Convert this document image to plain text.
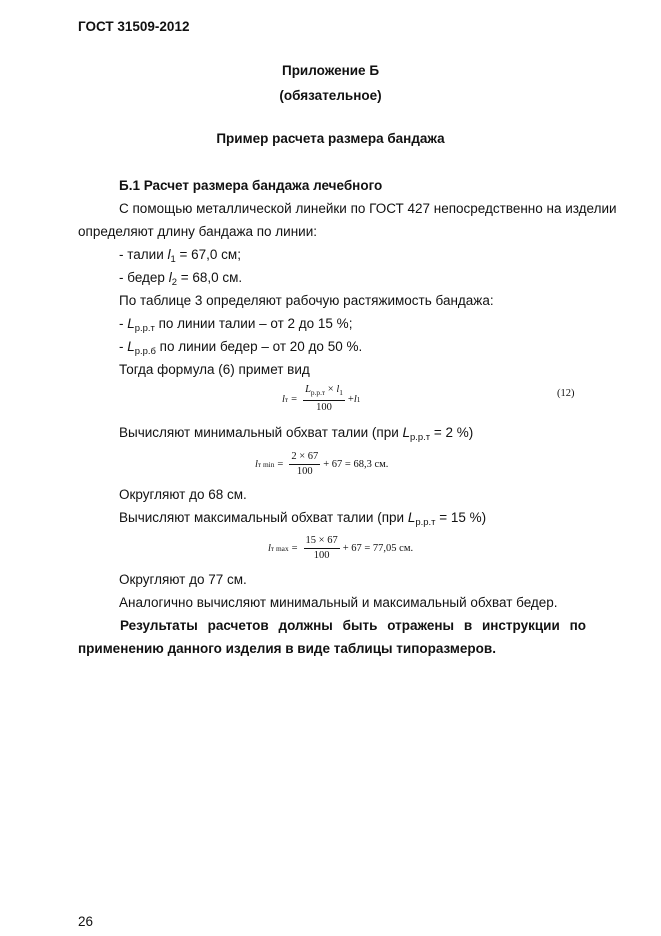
ГОСТ 31509-2012
Приложение Б
(обязательное)
Пример расчета размера бандажа
Б.1 Расчет размера бандажа лечебного
С помощью металлической линейки по ГОСТ 427 непосредственно на изделии
определяют длину бандажа по линии:
- талии $l_1 = 67,0$ см;
- бедер $l_2 = 68,0$ см.
По таблице 3 определяют рабочую растяжимость бандажа:
- $L_{р.р.т}$ по линии талии – от 2 до 15 %;
- $L_{р.р.б}$ по линии бедер – от 20 до 50 %.
Тогда формула (6) примет вид
l $т = \frac{L_{р.р.т} \times l_1}{100} + l$ 1	(12)
Вычисляют минимальный обхват талии (при $L_{р.р.т} = 2$ %)
l т $\min = \frac{2 \times 67}{100} + 67 = 68,3$ см.
Округляют до 68 см.
Вычисляют максимальный обхват талии (при $L_{р.р.т} = 15$ %)
l т $\max = \frac{15 \times 67}{100} + 67 = 77,05$ см.
Округляют до 77 см.
Аналогично вычисляют минимальный и максимальный обхват бедер.
Результаты расчетов должны быть отражены в инструкции по
применению данного изделия в виде таблицы типоразмеров.
26
